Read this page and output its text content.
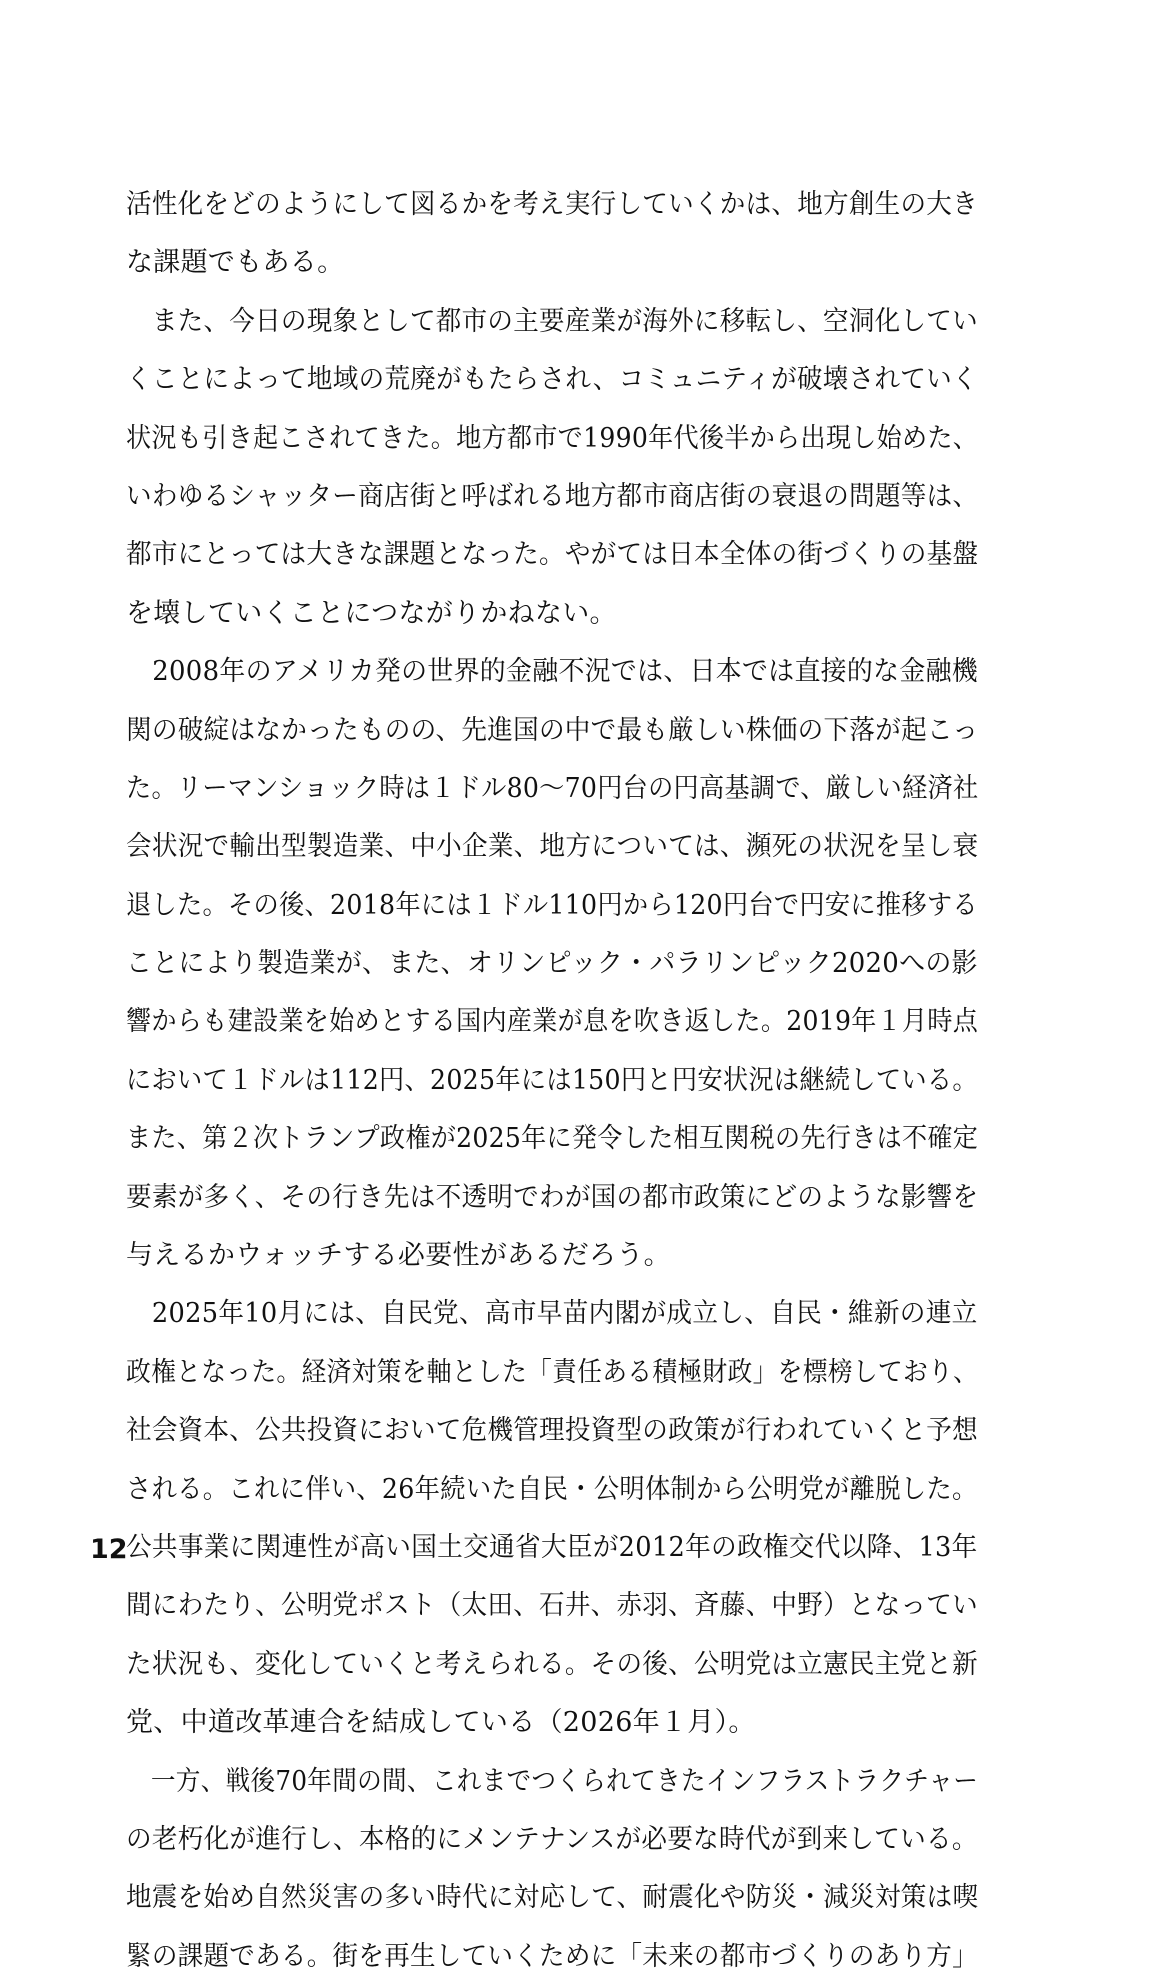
活性化をどのようにして図るかを考え実行していくかは、地方創生の大き
な課題でもある。
　また、今日の現象として都市の主要産業が海外に移転し、空洞化してい
くことによって地域の荒廃がもたらされ、コミュニティが破壊されていく
状況も引き起こされてきた。地方都市で1990年代後半から出現し始めた、
いわゆるシャッター商店街と呼ばれる地方都市商店街の衰退の問題等は、
都市にとっては大きな課題となった。やがては日本全体の街づくりの基盤
を壊していくことにつながりかねない。
　2008年のアメリカ発の世界的金融不況では、日本では直接的な金融機
関の破綻はなかったものの、先進国の中で最も厳しい株価の下落が起こっ
た。リーマンショック時は１ドル80～70円台の円高基調で、厳しい経済社
会状況で輸出型製造業、中小企業、地方については、瀕死の状況を呈し衰
退した。その後、2018年には１ドル110円から120円台で円安に推移する
ことにより製造業が、また、オリンピック・パラリンピック2020への影
響からも建設業を始めとする国内産業が息を吹き返した。2019年１月時点
において１ドルは112円、2025年には150円と円安状況は継続している。
また、第２次トランプ政権が2025年に発令した相互関税の先行きは不確定
要素が多く、その行き先は不透明でわが国の都市政策にどのような影響を
与えるかウォッチする必要性があるだろう。
　2025年10月には、自民党、高市早苗内閣が成立し、自民・維新の連立
政権となった。経済対策を軸とした「責任ある積極財政」を標榜しており、
社会資本、公共投資において危機管理投資型の政策が行われていくと予想
される。これに伴い、26年続いた自民・公明体制から公明党が離脱した。
公共事業に関連性が高い国土交通省大臣が2012年の政権交代以降、13年
間にわたり、公明党ポスト（太田、石井、赤羽、斉藤、中野）となってい
た状況も、変化していくと考えられる。その後、公明党は立憲民主党と新
党、中道改革連合を結成している（2026年１月）。
　一方、戦後70年間の間、これまでつくられてきたインフラストラクチャー
の老朽化が進行し、本格的にメンテナンスが必要な時代が到来している。
地震を始め自然災害の多い時代に対応して、耐震化や防災・減災対策は喫
緊の課題である。街を再生していくために「未来の都市づくりのあり方」
12
